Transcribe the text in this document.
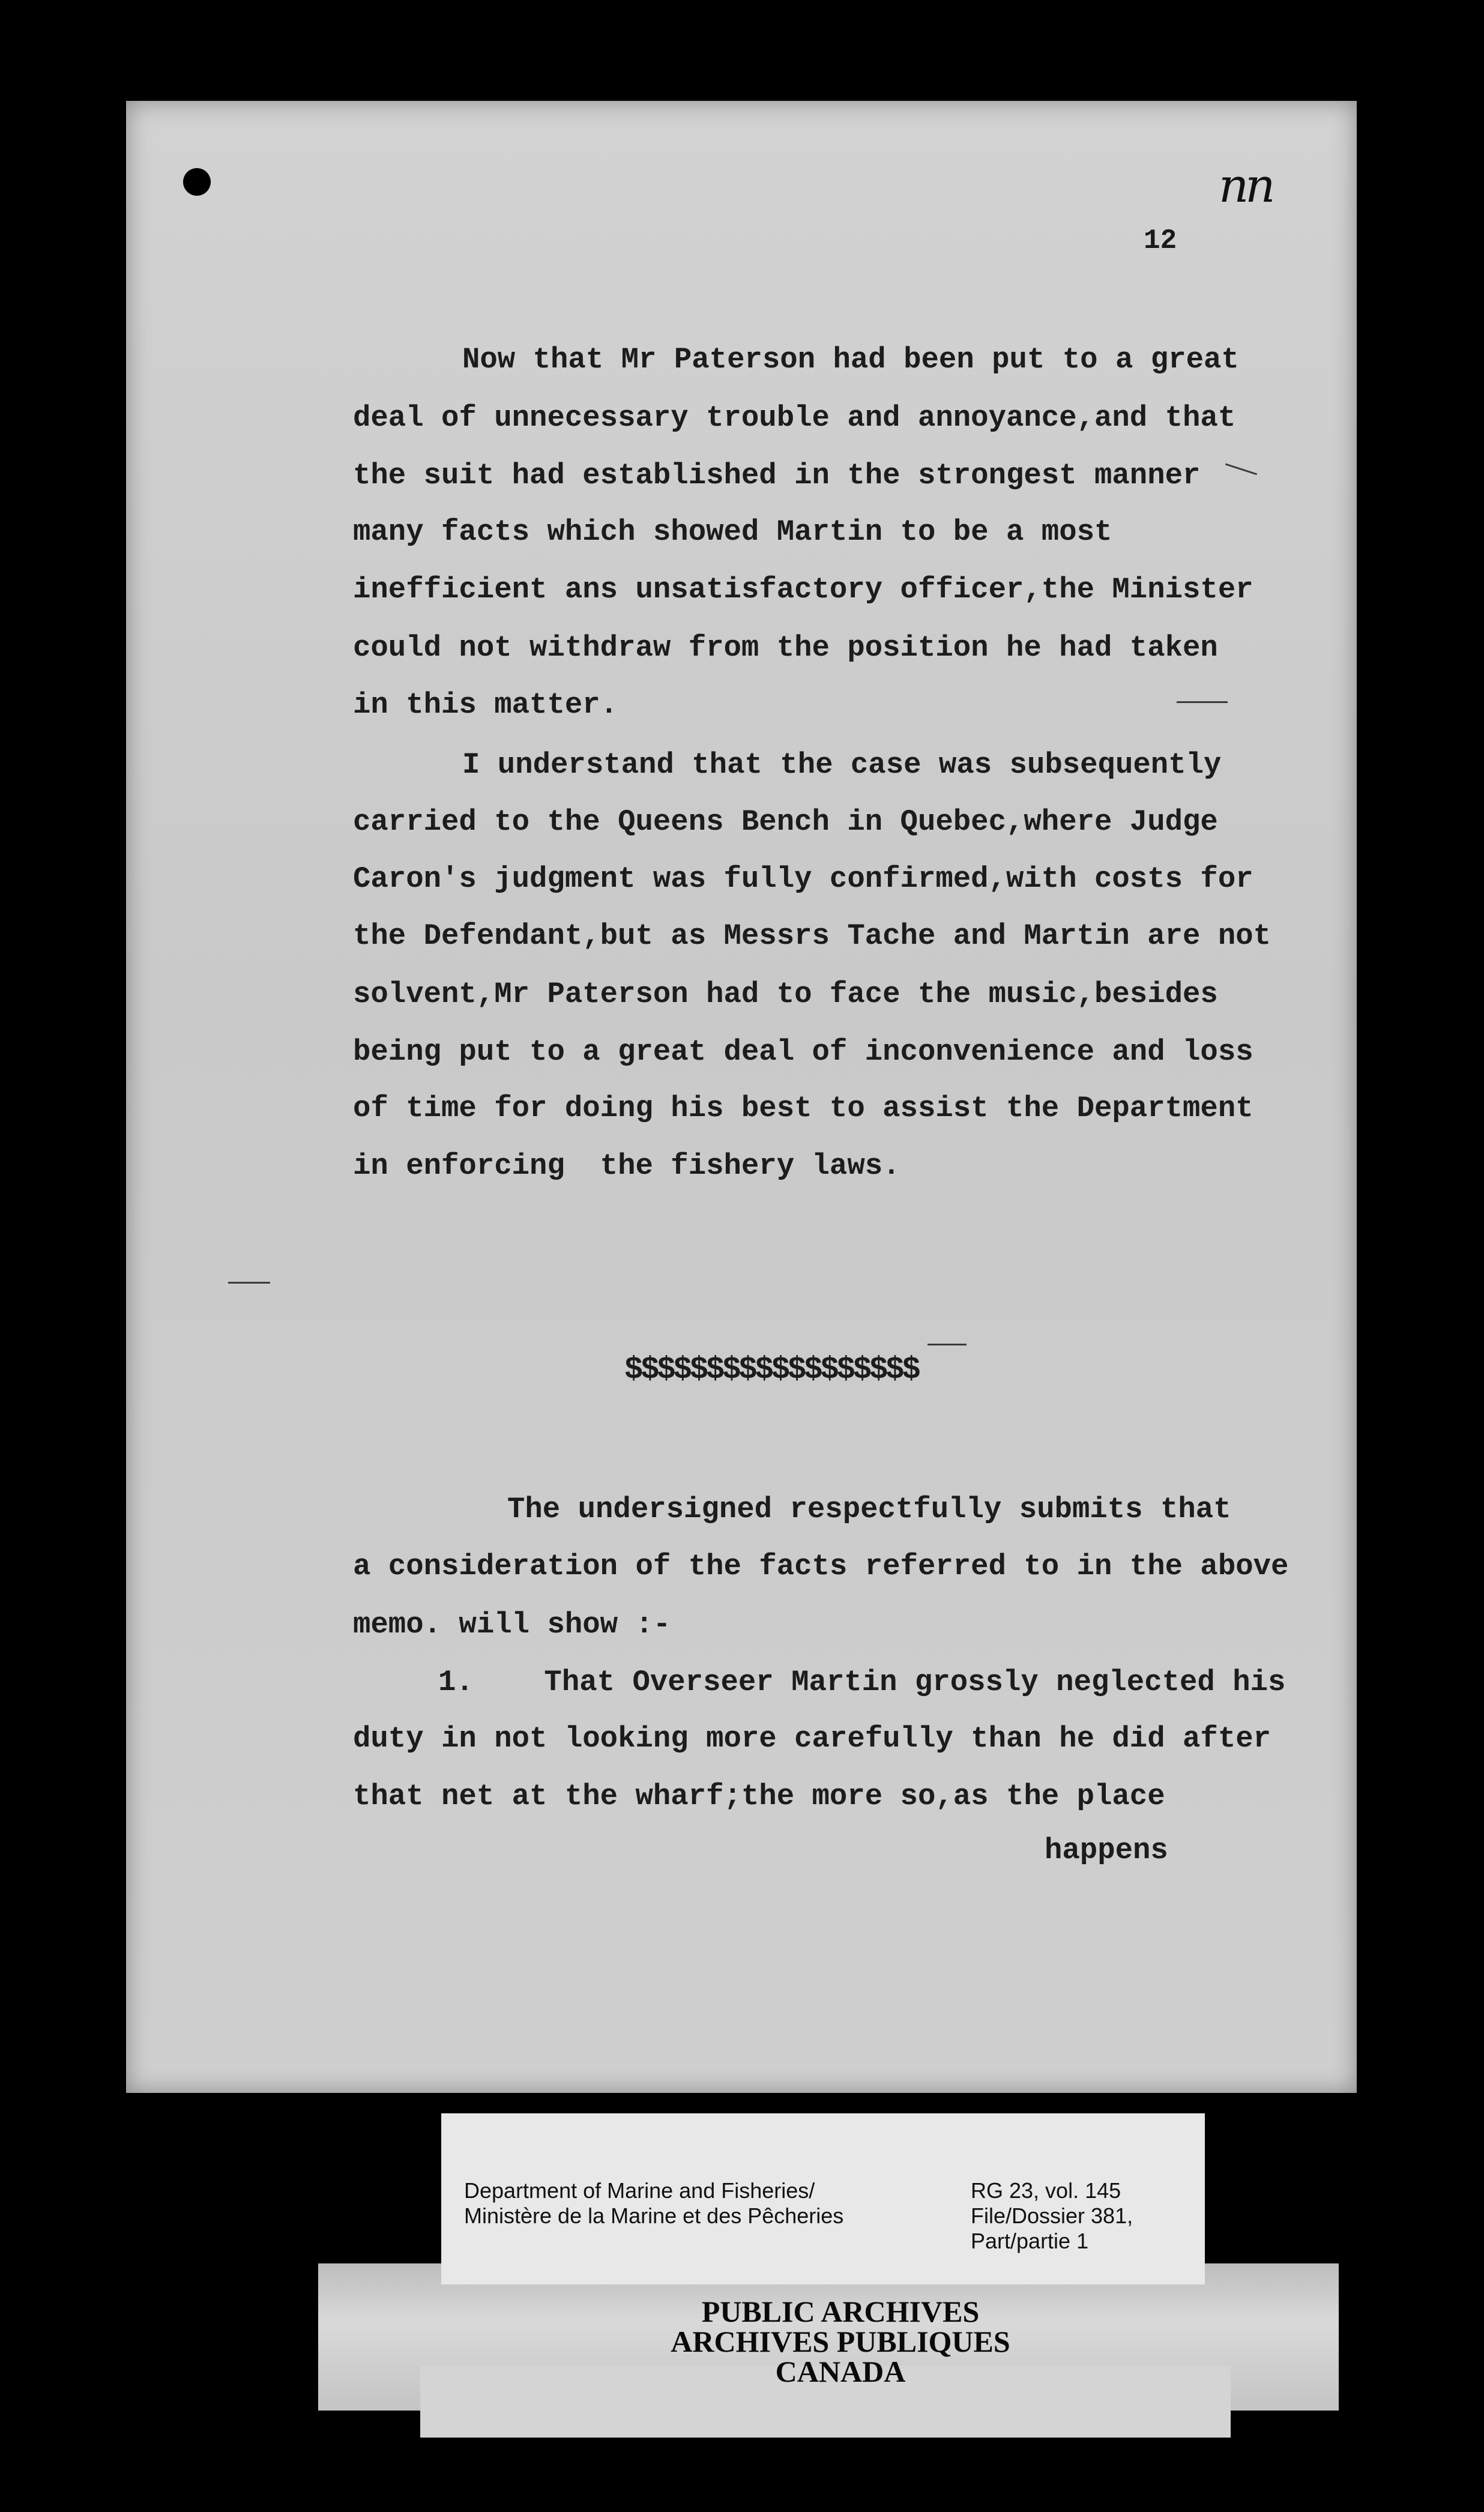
nn
12
Now that Mr Paterson had been put to a great
deal of unnecessary trouble and annoyance,and that
the suit had established in the strongest manner
many facts which showed Martin to be a most
inefficient ans unsatisfactory officer,the Minister
could not withdraw from the position he had taken
in this matter.
I understand that the case was subsequently
carried to the Queens Bench in Quebec,where Judge
Caron's judgment was fully confirmed,with costs for
the Defendant,but as Messrs Tache and Martin are not
solvent,Mr Paterson had to face the music,besides
being put to a great deal of inconvenience and loss
of time for doing his best to assist the Department
in enforcing  the fishery laws.
$$$$$$$$$$$$$$$$$$
The undersigned respectfully submits that
a consideration of the facts referred to in the above
memo. will show :-
1.    That Overseer Martin grossly neglected his
duty in not looking more carefully than he did after
that net at the wharf;the more so,as the place
happens
Department of Marine and Fisheries/
Ministère de la Marine et des Pêcheries
RG 23, vol. 145
File/Dossier 381,
Part/partie 1
PUBLIC ARCHIVES
ARCHIVES PUBLIQUES
CANADA
